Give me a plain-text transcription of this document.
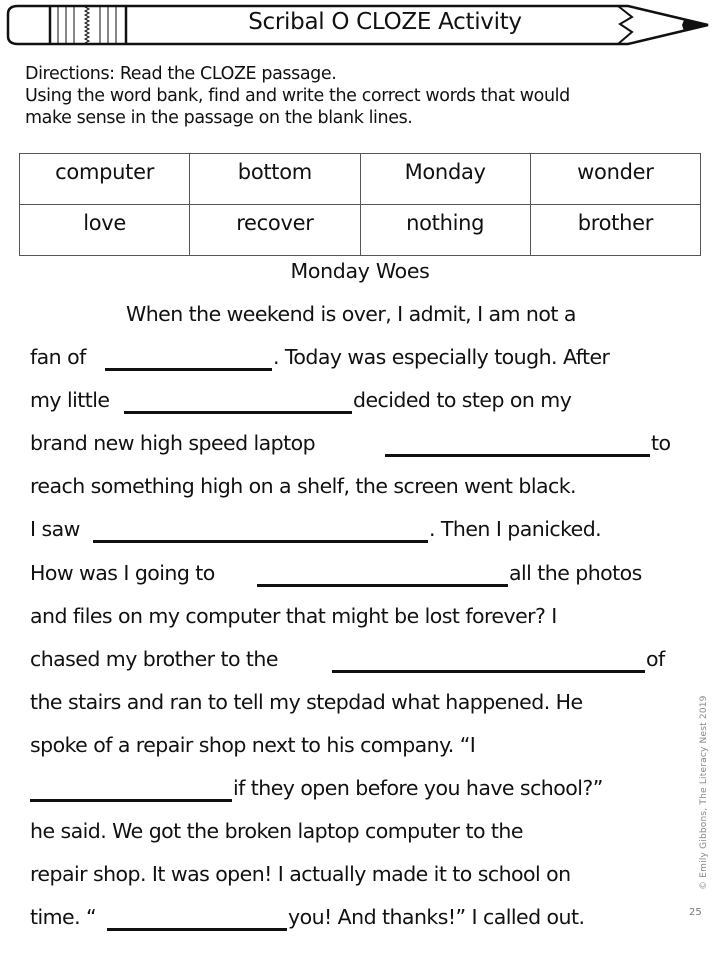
Scribal O CLOZE Activity
Directions: Read the CLOZE passage.
Using the word bank, find and write the correct words that would
make sense in the passage on the blank lines.
computer	bottom	Monday	wonder
love	recover	nothing	brother
Monday Woes
When the weekend is over, I admit, I am not a
fan of	. Today was especially tough. After
my little	decided to step on my
brand new high speed laptop	to
reach something high on a shelf, the screen went black.
I saw	. Then I panicked.
How was I going to	all the photos
and files on my computer that might be lost forever? I
chased my brother to the	of
the stairs and ran to tell my stepdad what happened. He
spoke of a repair shop next to his company. “I
if they open before you have school?”
he said. We got the broken laptop computer to the
repair shop. It was open! I actually made it to school on
time. “	you! And thanks!” I called out.
© Emily Gibbons, The Literacy Nest 2019
25
